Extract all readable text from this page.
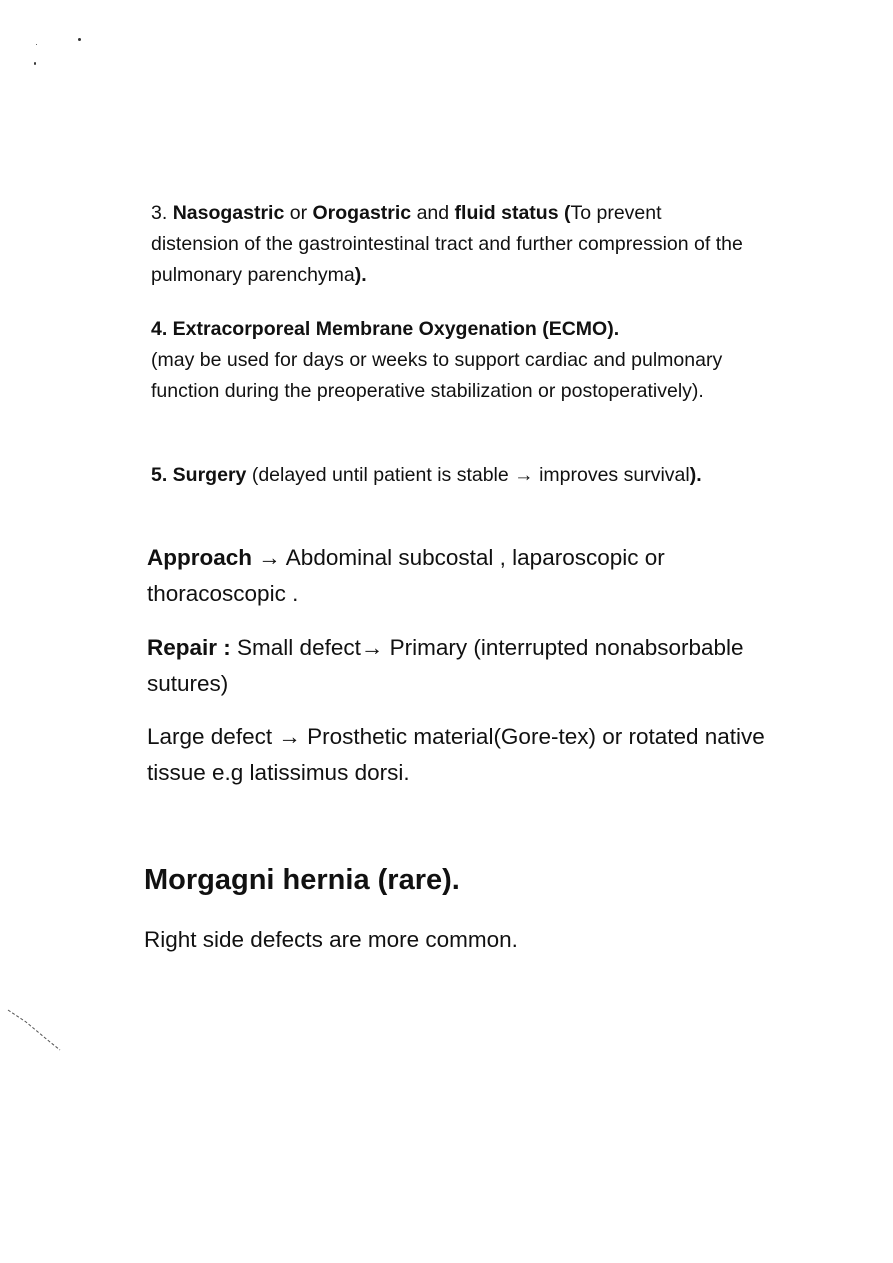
3. Nasogastric or Orogastric and fluid status (To prevent distension of the gastrointestinal tract and further compression of the pulmonary parenchyma).

4. Extracorporeal Membrane Oxygenation (ECMO).
(may be used for days or weeks to support cardiac and pulmonary function during the preoperative stabilization or postoperatively).

5. Surgery (delayed until patient is stable → improves survival).

Approach → Abdominal subcostal , laparoscopic or thoracoscopic .

Repair : Small defect→ Primary (interrupted nonabsorbable sutures)

Large defect → Prosthetic material(Gore-tex) or rotated native tissue e.g latissimus dorsi.

Morgagni hernia (rare).

Right side defects are more common.
